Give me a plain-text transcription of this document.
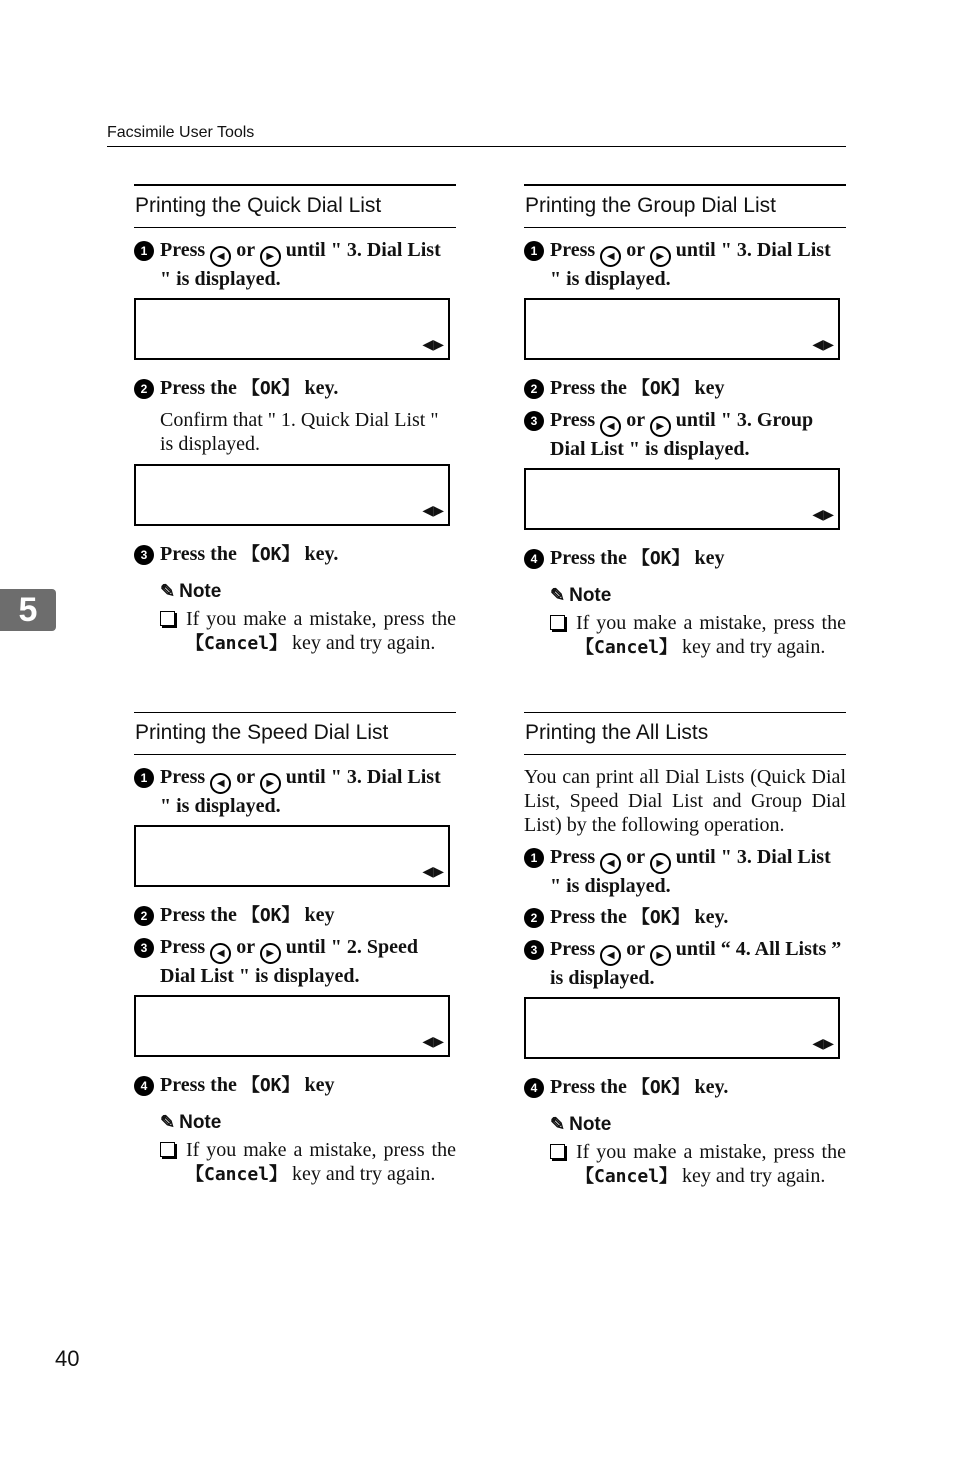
Facsimile User Tools
5
Printing the Quick Dial List
1 Press ◀ or ▶ until " 3. Dial List " is displayed.

◀▶

2 Press the 【OK】 key.
Confirm that " 1. Quick Dial List " is displayed.

◀▶

3 Press the 【OK】 key.
✎ Note
If you make a mistake, press the 【Cancel】 key and try again.
Printing the Group Dial List
1 Press ◀ or ▶ until " 3. Dial List " is displayed.

◀▶

2 Press the 【OK】 key
3 Press ◀ or ▶ until " 3. Group Dial List " is displayed.

◀▶

4 Press the 【OK】 key
✎ Note
If you make a mistake, press the 【Cancel】 key and try again.
Printing the Speed Dial List
1 Press ◀ or ▶ until " 3. Dial List " is displayed.

◀▶

2 Press the 【OK】 key
3 Press ◀ or ▶ until " 2. Speed Dial List " is displayed.

◀▶

4 Press the 【OK】 key
✎ Note
If you make a mistake, press the 【Cancel】 key and try again.
Printing the All Lists
You can print all Dial Lists (Quick Dial List, Speed Dial List and Group Dial List) by the following operation.
1 Press ◀ or ▶ until " 3. Dial List " is displayed.
2 Press the 【OK】 key.
3 Press ◀ or ▶ until “ 4. All Lists ” is displayed.

◀▶

4 Press the 【OK】 key.
✎ Note
If you make a mistake, press the 【Cancel】 key and try again.
40
